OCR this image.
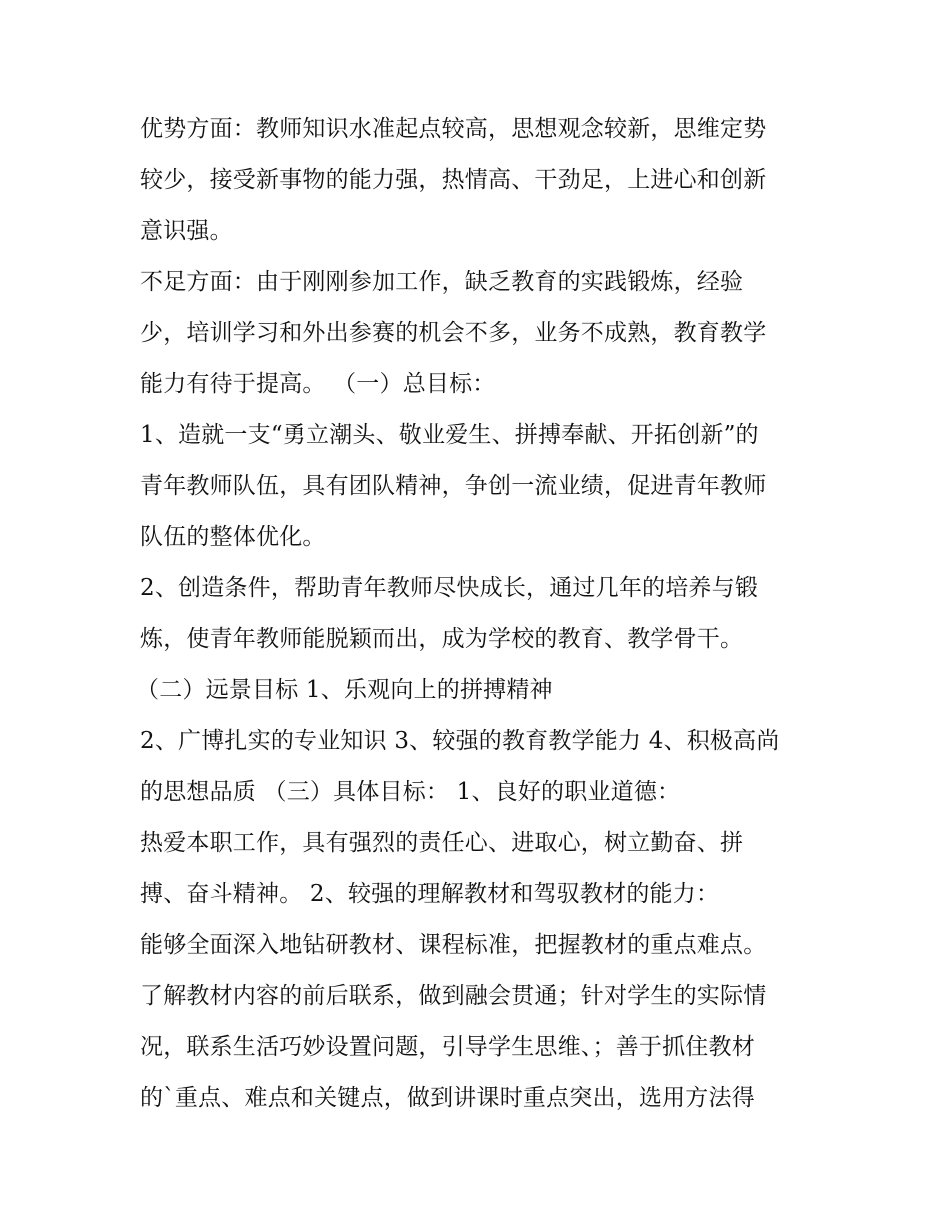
优势方面：教师知识水准起点较高，思想观念较新，思维定势
较少，接受新事物的能力强，热情高、干劲足，上进心和创新
意识强。
不足方面：由于刚刚参加工作，缺乏教育的实践锻炼，经验
少，培训学习和外出参赛的机会不多，业务不成熟，教育教学
能力有待于提高。 （一）总目标：
1、造就一支“勇立潮头、敬业爱生、拼搏奉献、开拓创新”的
青年教师队伍，具有团队精神，争创一流业绩，促进青年教师
队伍的整体优化。
2、创造条件，帮助青年教师尽快成长，通过几年的培养与锻
炼，使青年教师能脱颖而出，成为学校的教育、教学骨干。
（二）远景目标 1、乐观向上的拼搏精神
2、广博扎实的专业知识 3、较强的教育教学能力 4、积极高尚
的思想品质 （三）具体目标： 1、良好的职业道德：
热爱本职工作，具有强烈的责任心、进取心，树立勤奋、拼
搏、奋斗精神。 2、较强的理解教材和驾驭教材的能力：
能够全面深入地钻研教材、课程标准，把握教材的重点难点。
了解教材内容的前后联系，做到融会贯通；针对学生的实际情
况，联系生活巧妙设置问题，引导学生思维、；善于抓住教材
的`重点、难点和关键点，做到讲课时重点突出，选用方法得
